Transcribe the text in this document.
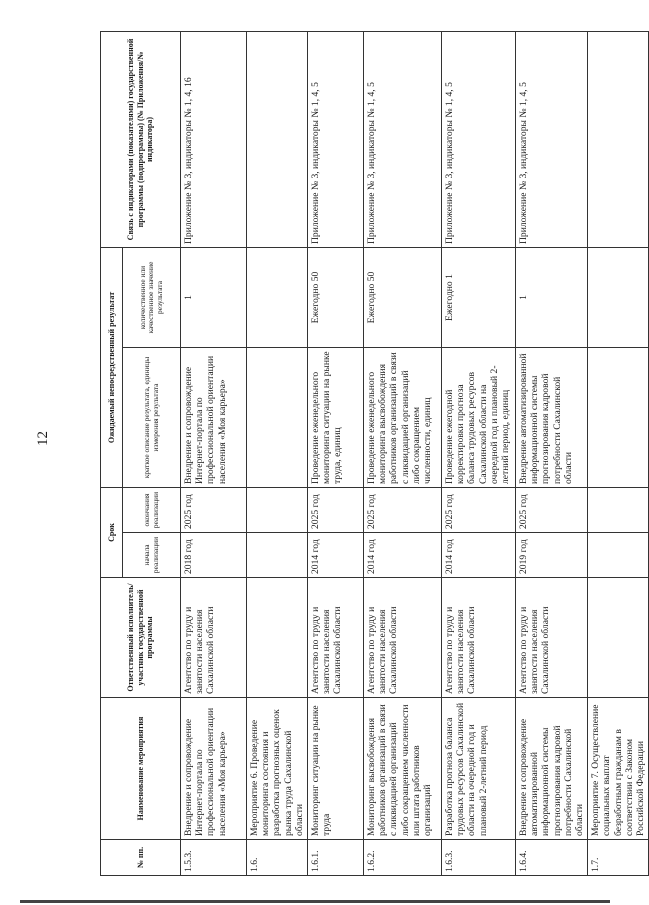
12
№ пп.	Наименование мероприятия	Ответственный исполнитель/участник государственной программы	Срок		Ожидаемый непосредственный результат		Связь с индикаторами (показателями) государственной программы (подпрограммы) (№ Приложения/№ индикатора)
			начала реализации	окончания реализации	краткое описание результата, единицы измерения результата	количественное или качественное значение результата	
1.5.3.	Внедрение и сопровождение Интернет-портала по профессиональной ориентации населения «Моя карьера»	Агентство по труду и занятости населения Сахалинской области	2018 год	2025 год	Внедрение и сопровождение Интернет-портала по профессиональной ориентации населения «Моя карьера»	1	Приложение № 3, индикаторы № 1, 4, 16
1.6.	Мероприятие 6. Проведение мониторинга состояния и разработка прогнозных оценок рынка труда Сахалинской области						
1.6.1.	Мониторинг ситуации на рынке труда	Агентство по труду и занятости населения Сахалинской области	2014 год	2025 год	Проведение еженедельного мониторинга ситуации на рынке труда, единиц	Ежегодно 50	Приложение № 3, индикаторы № 1, 4, 5
1.6.2.	Мониторинг высвобождения работников организаций в связи с ликвидацией организаций либо сокращением численности или штата работников организаций	Агентство по труду и занятости населения Сахалинской области	2014 год	2025 год	Проведение еженедельного мониторинга высвобождения работников организаций в связи с ликвидацией организаций либо сокращением численности, единиц	Ежегодно 50	Приложение № 3, индикаторы № 1, 4, 5
1.6.3.	Разработка прогноза баланса трудовых ресурсов Сахалинской области на очередной год и плановый 2-летний период	Агентство по труду и занятости населения Сахалинской области	2014 год	2025 год	Проведение ежегодной корректировки прогноза баланса трудовых ресурсов Сахалинской области на очередной год и плановый 2-летний период, единиц	Ежегодно 1	Приложение № 3, индикаторы № 1, 4, 5
1.6.4.	Внедрение и сопровождение автоматизированной информационной системы прогнозирования кадровой потребности Сахалинской области	Агентство по труду и занятости населения Сахалинской области	2019 год	2025 год	Внедрение автоматизированной информационной системы прогнозирования кадровой потребности Сахалинской области	1	Приложение № 3, индикаторы № 1, 4, 5
1.7.	Мероприятие 7. Осуществление социальных выплат безработным гражданам в соответствии с Законом Российской Федерации						
